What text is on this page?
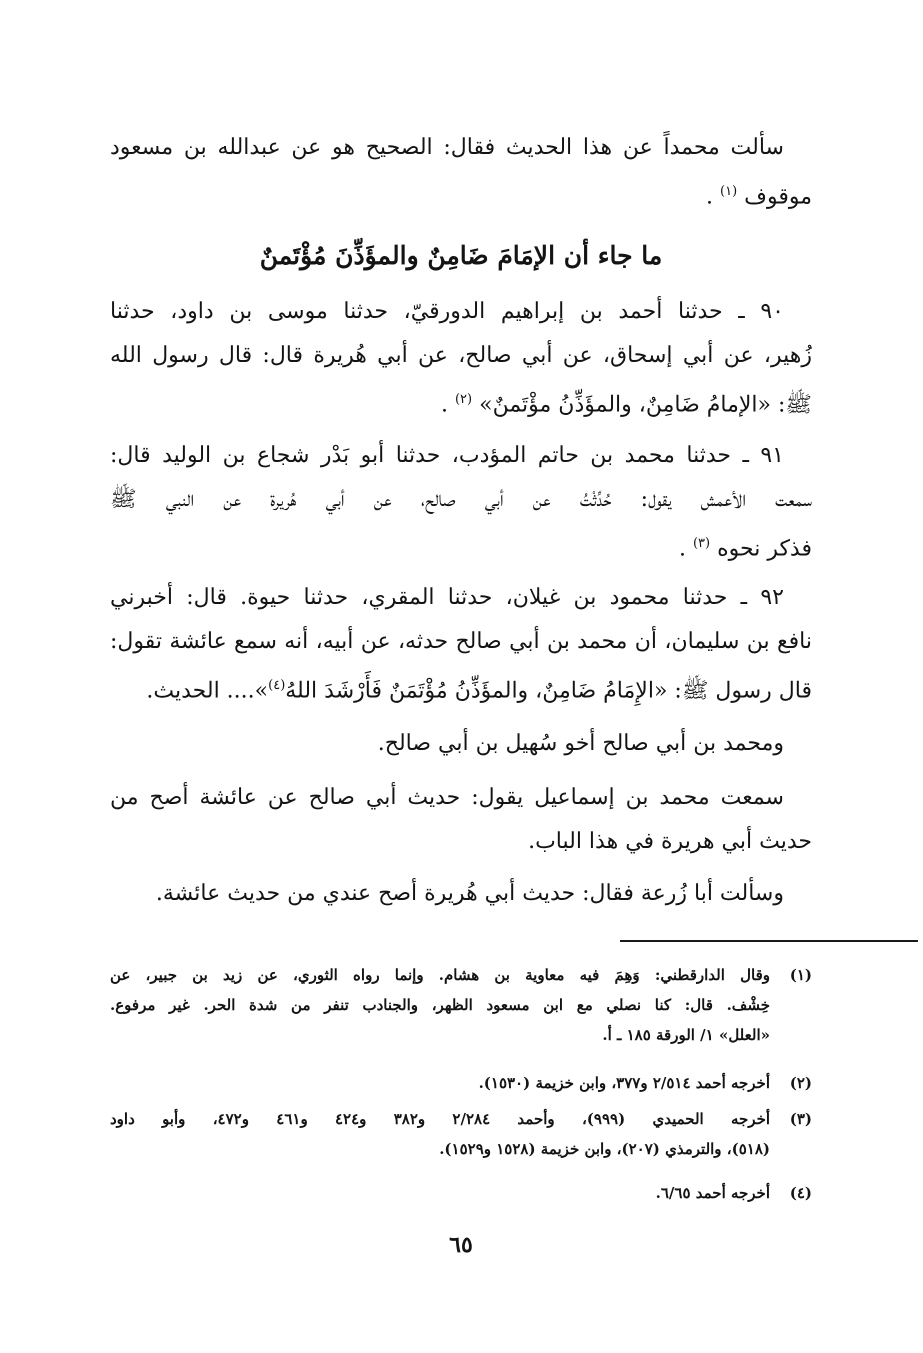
سألت محمداً عن هذا الحديث فقال: الصحيح هو عن عبدالله بن مسعود
موقوف $^{(١)}$ .
ما جاء أن الإمَامَ ضَامِنٌ والمؤَذِّنَ مُؤْتَمنٌ
٩٠ ـ حدثنا أحمد بن إبراهيم الدورقيّ، حدثنا موسى بن داود، حدثنا
زُهير، عن أبي إسحاق، عن أبي صالح، عن أبي هُريرة قال: قال رسول الله
ﷺ: «الإمامُ ضَامِنٌ، والمؤَذِّنُ مؤْتَمنٌ» $^{(٢)}$ .
٩١ ـ حدثنا محمد بن حاتم المؤدب، حدثنا أبو بَدْر شجاع بن الوليد قال:
سمعت الأعمش يقول: حُدِّثْتُ عن أبي صالح، عن أبي هُريرة عن النبي ﷺ
فذكر نحوه $^{(٣)}$ .
٩٢ ـ حدثنا محمود بن غيلان، حدثنا المقري، حدثنا حيوة. قال: أخبرني
نافع بن سليمان، أن محمد بن أبي صالح حدثه، عن أبيه، أنه سمع عائشة تقول:
قال رسول ﷺ: «الإِمَامُ ضَامِنٌ، والمؤَذِّنُ مُؤْتَمَنٌ فَأَرْشَدَ اللهُ$^{(٤)}$».... الحديث.
ومحمد بن أبي صالح أخو سُهيل بن أبي صالح.
سمعت محمد بن إسماعيل يقول: حديث أبي صالح عن عائشة أصح من
حديث أبي هريرة في هذا الباب.
وسألت أبا زُرعة فقال: حديث أبي هُريرة أصح عندي من حديث عائشة.
(١)وقال الدارقطني: وَهِمَ فيه معاوية بن هشام. وإنما رواه الثوري، عن زيد بن جبير، عن
خِشْف. قال: كنا نصلي مع ابن مسعود الظهر، والجنادب تنفر من شدة الحر. غير مرفوع.
«العلل» ١/ الورقة ١٨٥ ـ أ.
(٢)أخرجه أحمد ٢/٥١٤ و٣٧٧، وابن خزيمة (١٥٣٠).
(٣)أخرجه الحميدي (٩٩٩)، وأحمد ٢/٢٨٤ و٣٨٢ و٤٢٤ و٤٦١ و٤٧٢، وأبو داود
(٥١٨)، والترمذي (٢٠٧)، وابن خزيمة (١٥٢٨ و١٥٢٩).
(٤)أخرجه أحمد ٦/٦٥.
٦٥
